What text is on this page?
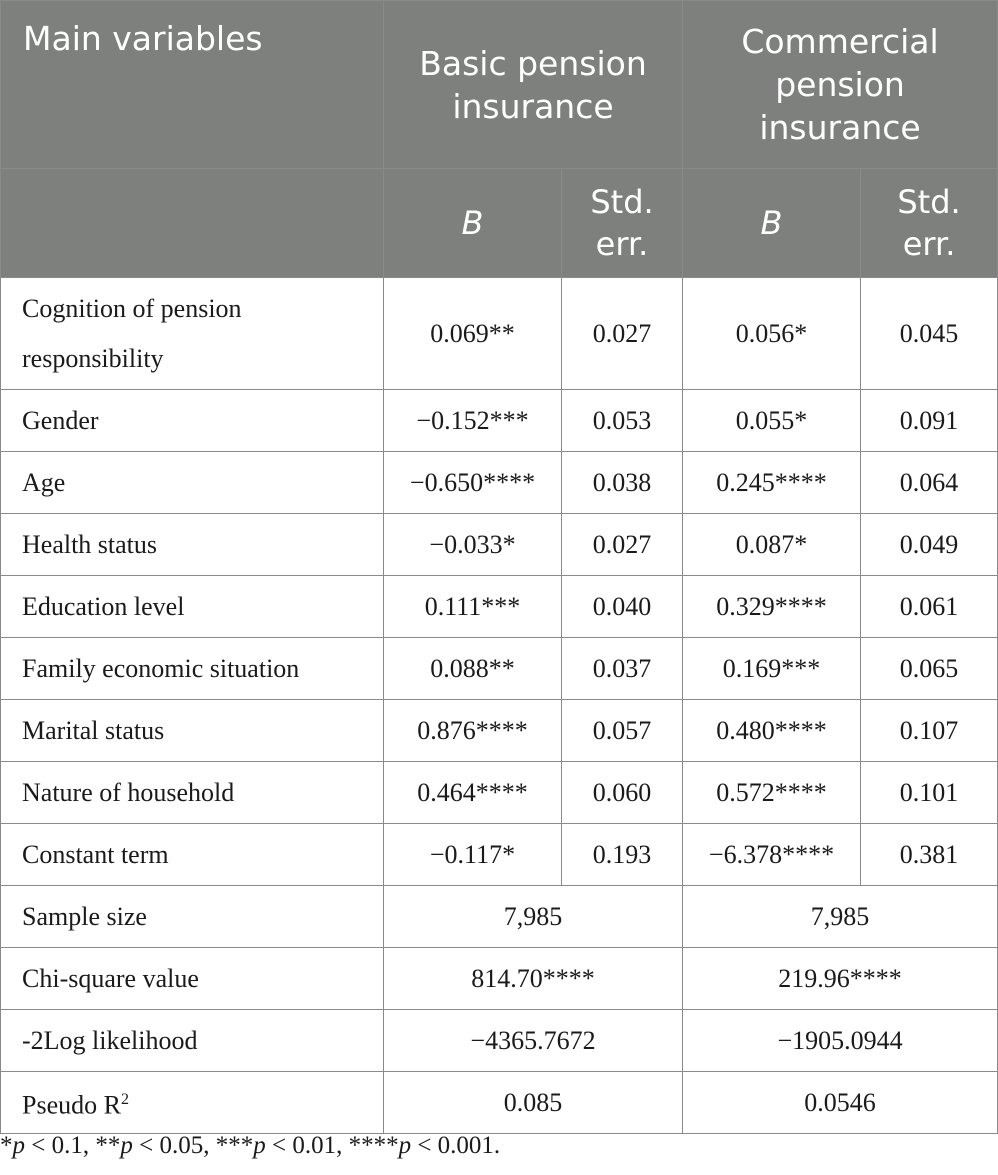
Main variables	Basic pension insurance		Commercial pension insurance	
	B	Std. err.	B	Std. err.
Cognition of pension responsibility	0.069**	0.027	0.056*	0.045
Gender	−0.152***	0.053	0.055*	0.091
Age	−0.650****	0.038	0.245****	0.064
Health status	−0.033*	0.027	0.087*	0.049
Education level	0.111***	0.040	0.329****	0.061
Family economic situation	0.088**	0.037	0.169***	0.065
Marital status	0.876****	0.057	0.480****	0.107
Nature of household	0.464****	0.060	0.572****	0.101
Constant term	−0.117*	0.193	−6.378****	0.381
Sample size	7,985		7,985	
Chi-square value	814.70****		219.96****	
-2Log likelihood	−4365.7672		−1905.0944	
Pseudo $R^2$	0.085		0.0546	
*p < 0.1, **p < 0.05, ***p < 0.01, ****p < 0.001.
